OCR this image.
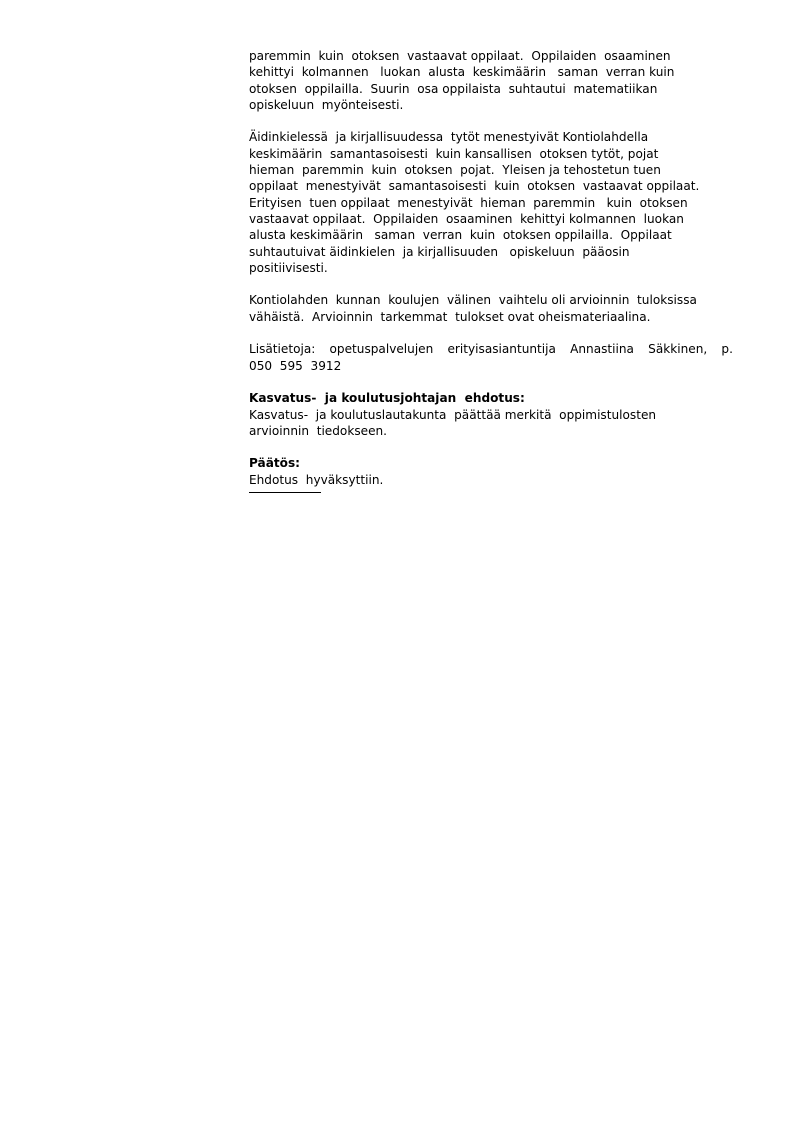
paremmin  kuin  otoksen  vastaavat oppilaat.  Oppilaiden  osaaminen
kehittyi  kolmannen   luokan  alusta  keskimäärin   saman  verran kuin
otoksen  oppilailla.  Suurin  osa oppilaista  suhtautui  matematiikan
opiskeluun  myönteisesti.
Äidinkielessä  ja kirjallisuudessa  tytöt menestyivät Kontiolahdella
keskimäärin  samantasoisesti  kuin kansallisen  otoksen tytöt, pojat
hieman  paremmin  kuin  otoksen  pojat.  Yleisen ja tehostetun tuen
oppilaat  menestyivät  samantasoisesti  kuin  otoksen  vastaavat oppilaat.
Erityisen  tuen oppilaat  menestyivät  hieman  paremmin   kuin  otoksen
vastaavat oppilaat.  Oppilaiden  osaaminen  kehittyi kolmannen  luokan
alusta keskimäärin   saman  verran  kuin  otoksen oppilailla.  Oppilaat
suhtautuivat äidinkielen  ja kirjallisuuden   opiskeluun  pääosin
positiivisesti.
Kontiolahden  kunnan  koulujen  välinen  vaihtelu oli arvioinnin  tuloksissa
vähäistä.  Arvioinnin  tarkemmat  tulokset ovat oheismateriaalina.
Lisätietoja: opetuspalvelujen erityisasiantuntija Annastiina Säkkinen, p.
050  595  3912
Kasvatus-  ja koulutusjohtajan  ehdotus:
Kasvatus-  ja koulutuslautakunta  päättää merkitä  oppimistulosten
arvioinnin  tiedokseen.
Päätös:
Ehdotus  hyväksyttiin.
